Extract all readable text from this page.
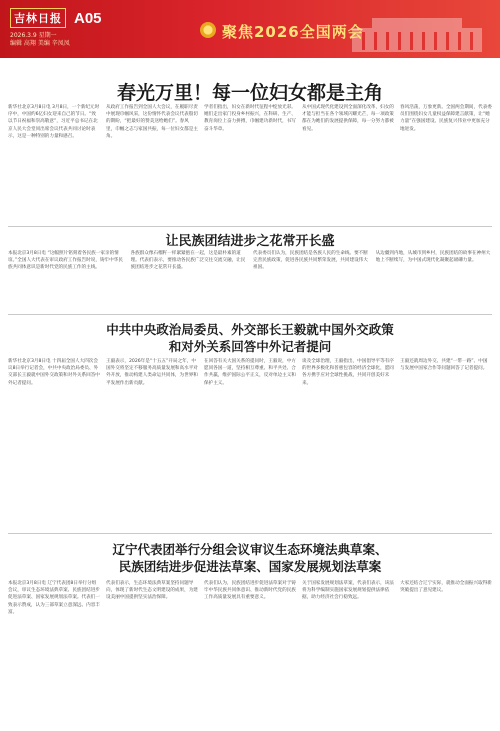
吉林日报 A05
2026.3.9 星期一
编辑 高翔 美编 辛凤凤
聚焦2026全国两会
春光万里！每一位妇女都是主角
新华社北京3月8日电 3月8日，一个新纪元时序中，中国约6亿妇女迎来自己的节日。“致以节日祝福和崇高敬意”，习近平总书记在北京人民大会堂同出席会议代表共同讨论时表示，这是一种特别的力量和感召。
从政府工作报告到全国人大会议，在履职尽责中展现巾帼风采，这份情怀代表会议代表殷切的期盼，“把最好的赞美送给她们”。春风里，巾帼之志与家国共振，每一位妇女都是主角。
学者们指出，妇女在新时代征程中绽放光彩。她们走出家门投身乡村振兴，在科研、生产、教育岗位上奋力拼搏，巾帼建功新时代，书写奋斗华章。
从中国式现代化建设到全面深化改革，妇女的才能与担当在各个领域闪耀光芒，每一项政策都在为她们的发展提供保障，每一分努力都被看见。
春风浩荡，万象更新。全国两会期间，代表委员们围绕妇女儿童权益保障建言献策，让“她力量”在强国建设、民族复兴伟业中更加充分地迸发。
让民族团结进步之花常开长盛
本报北京3月8日电 “这幅照片铭刻着各民族一家亲的情谊。”全国人大代表在审议政府工作报告时说，铸牢中华民族共同体意识是新时代党的民族工作的主线。
各族群众像石榴籽一样紧紧抱在一起，这是最朴素的道理。代表们表示，要推动各民族广泛交往交流交融，让民族团结进步之花常开长盛。
代表委员们认为，民族团结是各族人民的生命线。要不断完善民族政策，促进各民族共同繁荣发展，共同建设伟大祖国。
从边疆到内地，从城市到乡村，民族团结的故事在神州大地上不断续写，为中国式现代化凝聚起磅礴力量。
中共中央政治局委员、外交部长王毅就中国外交政策
和对外关系回答中外记者提问
新华社北京3月8日电 十四届全国人大四次会议8日举行记者会，中共中央政治局委员、外交部长王毅就中国外交政策和对外关系回答中外记者提问。
王毅表示，2026年是“十五五”开局之年，中国外交将坚定不移服务高质量发展和高水平对外开放，推动构建人类命运共同体，为世界和平发展作出新贡献。
在回答有关大国关系的提问时，王毅说，中方愿同各国一道，坚持相互尊重、和平共处、合作共赢，维护国际公平正义，反对单边主义和保护主义。
谈及全球治理，王毅指出，中国倡导平等有序的世界多极化和普惠包容的经济全球化，愿同各方携手应对全球性挑战，共同开创美好未来。
王毅还就周边外交、共建“一带一路”、中国与发展中国家合作等问题回答了记者提问。
辽宁代表团举行分组会议审议生态环境法典草案、
民族团结进步促进法草案、国家发展规划法草案
本报北京3月8日电 辽宁代表团8日举行分组会议，审议生态环境法典草案、民族团结进步促进法草案、国家发展规划法草案。代表们一致表示赞成，认为三部草案立意深远、内容丰富。
代表们表示，生态环境法典草案坚持问题导向，体现了新时代生态文明建设的成果，为建设美丽中国提供坚实法治保障。
代表们认为，民族团结进步促进法草案对于铸牢中华民族共同体意识、推动新时代党的民族工作高质量发展具有重要意义。
关于国家发展规划法草案，代表们表示，该法将为科学编制实施国家发展规划提供法律依据，助力经济社会行稳致远。
大家还结合辽宁实际，就推动全面振兴取得新突破提出了意见建议。
